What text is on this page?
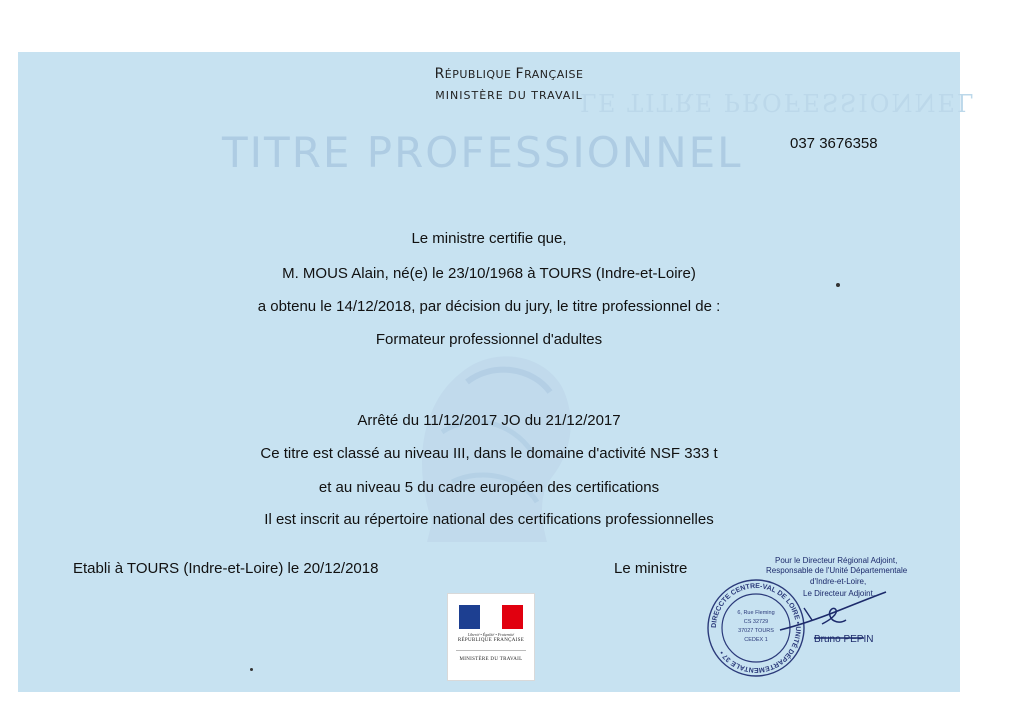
LE TITRE PROFESSIONNEL
TITRE PROFESSIONNEL
RÉPUBLIQUE FRANÇAISE
MINISTÈRE DU TRAVAIL
037 3676358
Le ministre certifie que,
M. MOUS Alain, né(e) le 23/10/1968 à TOURS (Indre-et-Loire)
a obtenu le 14/12/2018, par décision du jury, le titre professionnel de :
Formateur professionnel d'adultes
Arrêté du 11/12/2017 JO du 21/12/2017
Ce titre est classé au niveau III, dans le domaine d'activité NSF 333 t
et au niveau 5 du cadre européen des certifications
Il est inscrit au répertoire national des certifications professionnelles
Etabli à TOURS (Indre-et-Loire) le 20/12/2018	Le ministre
Liberté • Égalité • Fraternité
RÉPUBLIQUE FRANÇAISE
MINISTÈRE DU TRAVAIL
Pour le Directeur Régional Adjoint,
Responsable de l'Unité Départementale
d'Indre-et-Loire,
Le Directeur Adjoint,
DIRECCTE CENTRE-VAL DE LOIRE • UNITÉ DÉPARTEMENTALE 37 •
6, Rue Fleming
CS 32729
37027 TOURS
CEDEX 1	Bruno PEPIN
